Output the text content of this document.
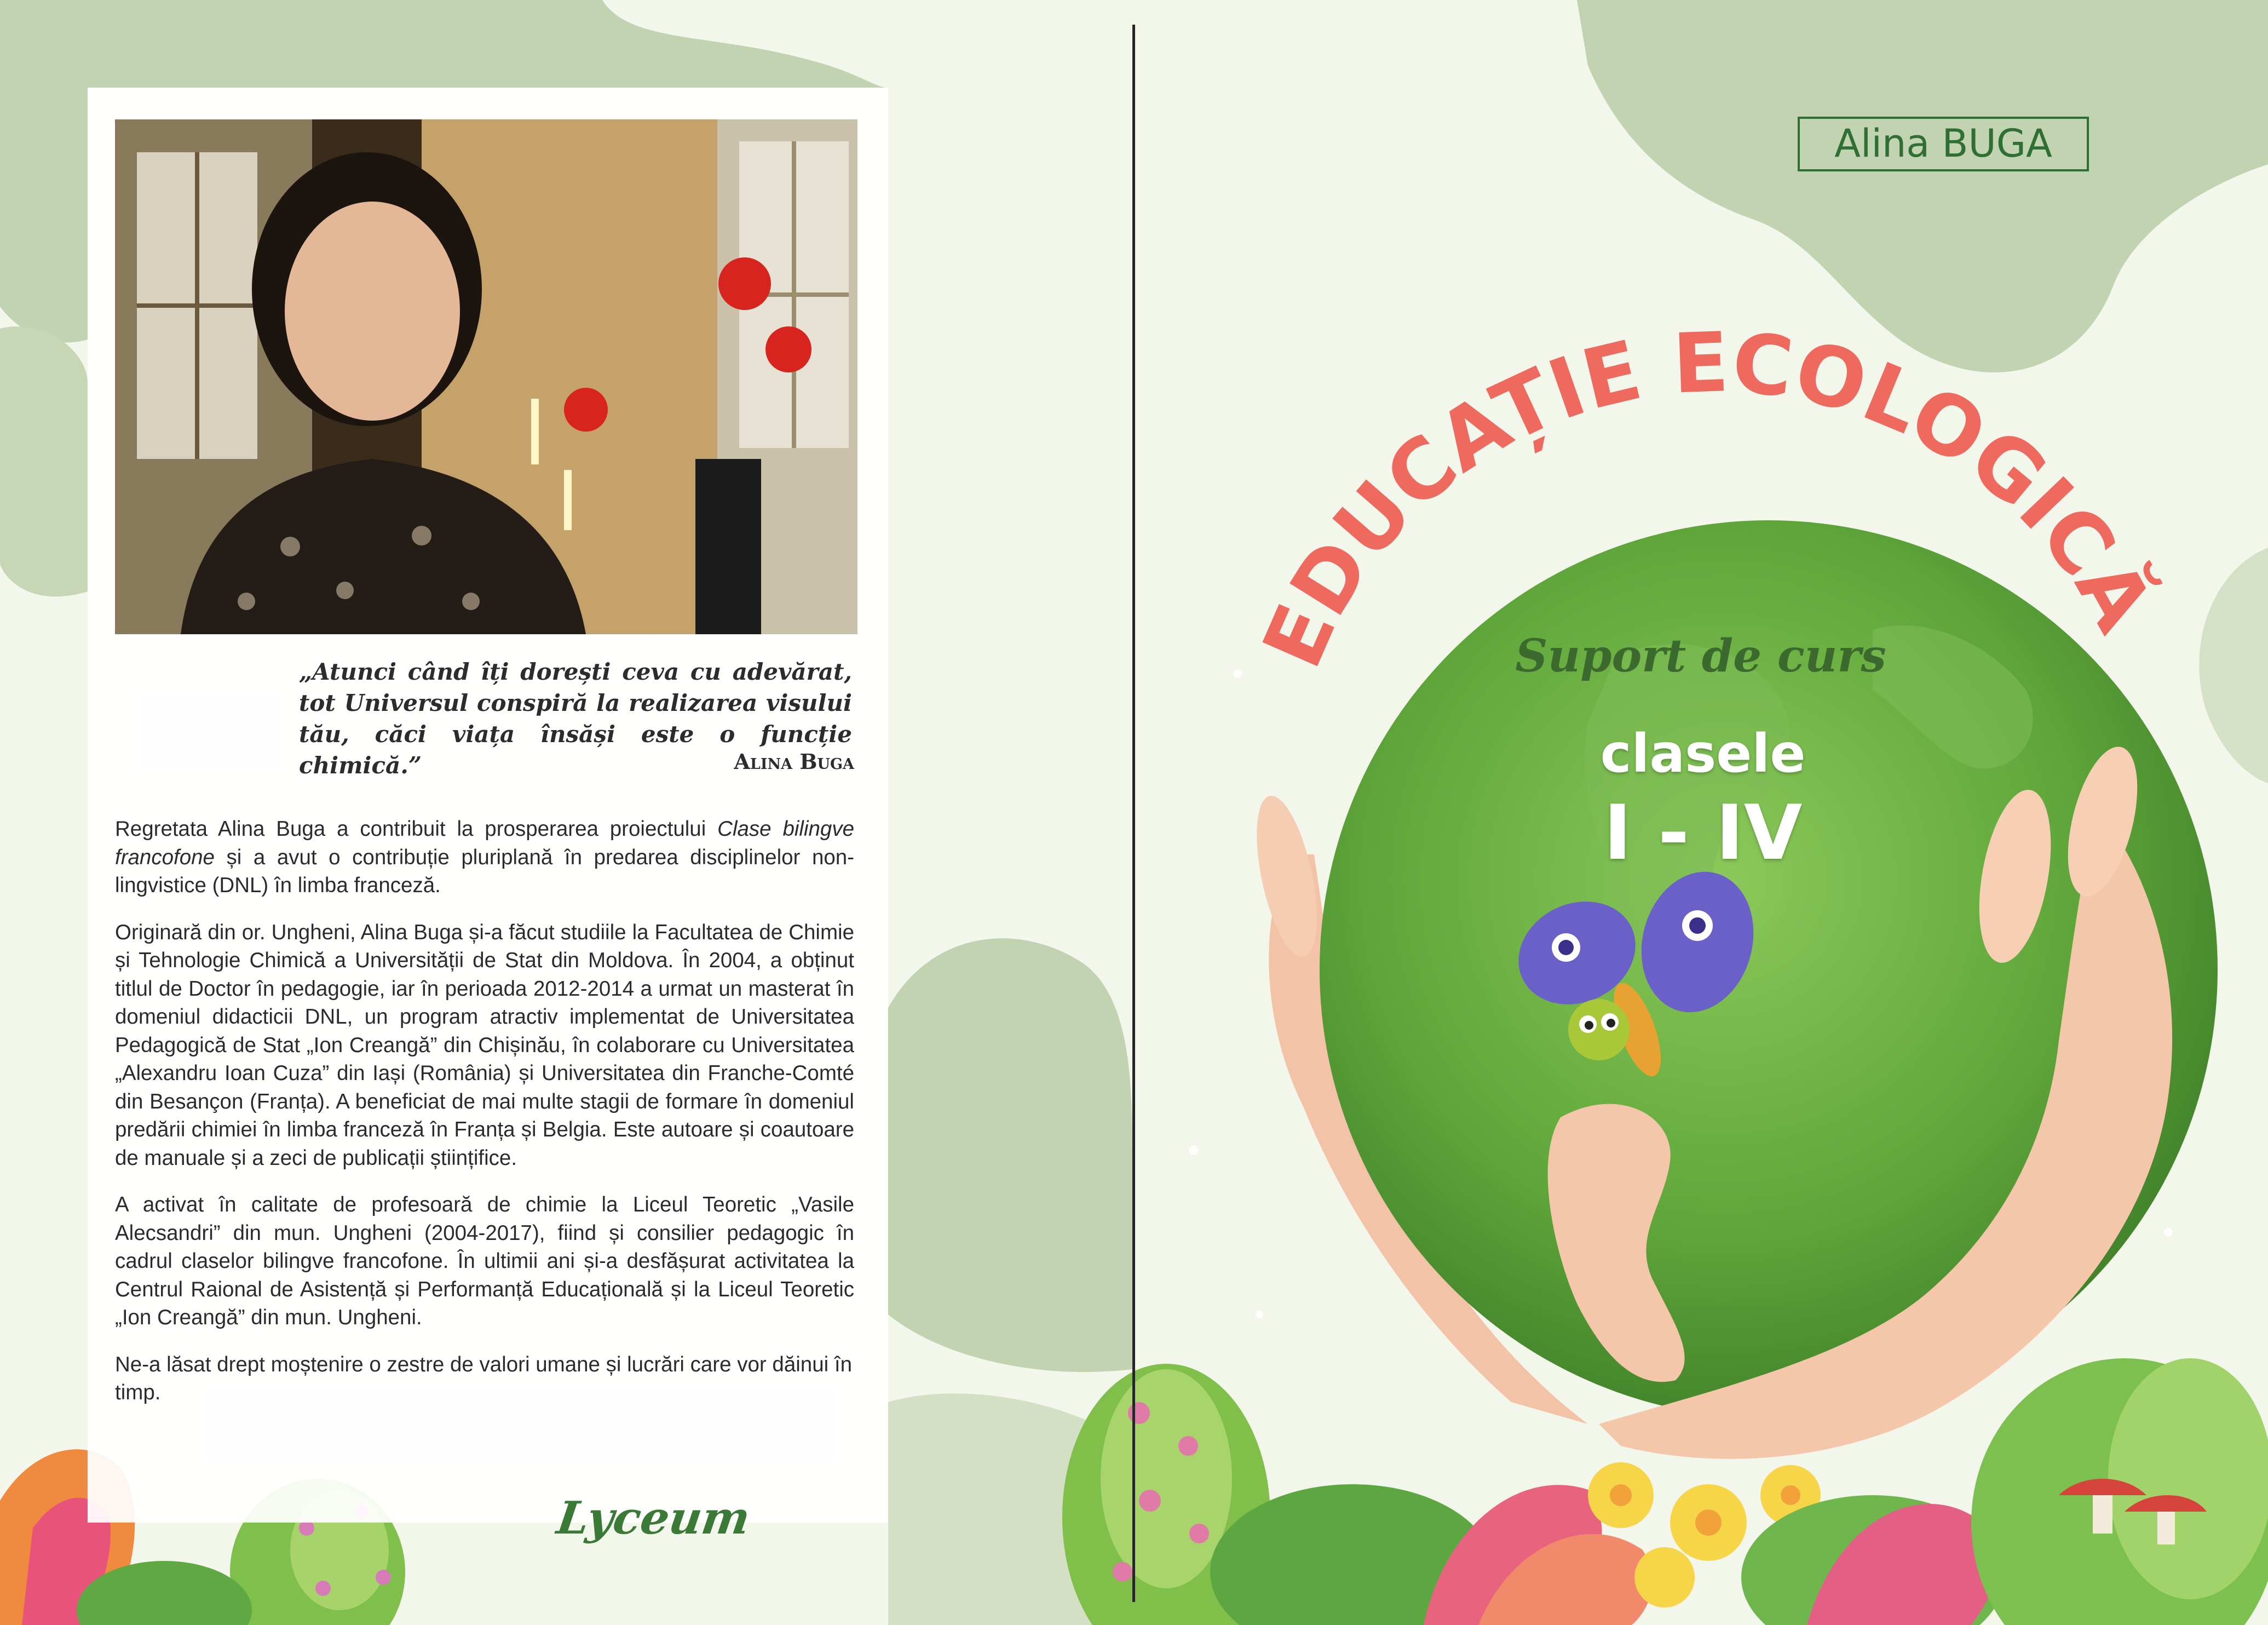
„Atunci când îți dorești ceva cu adevărat, tot Universul conspiră la realizarea visului tău, căci viața însăși este o funcție chimică.”	Alina Buga

Regretata Alina Buga a contribuit la prosperarea proiectului Clase bilingve francofone și a avut o contribuție pluriplană în predarea disciplinelor non-lingvistice (DNL) în limba franceză.

Originară din or. Ungheni, Alina Buga și-a făcut studiile la Facultatea de Chimie și Tehnologie Chimică a Universității de Stat din Moldova. În 2004, a obținut titlul de Doctor în pedagogie, iar în perioada 2012-2014 a urmat un masterat în domeniul didacticii DNL, un program atractiv implementat de Universitatea Pedagogică de Stat „Ion Creangă” din Chișinău, în colaborare cu Universitatea „Alexandru Ioan Cuza” din Iași (România) și Universitatea din Franche-Comté din Besançon (Franța). A beneficiat de mai multe stagii de formare în domeniul predării chimiei în limba franceză în Franța și Belgia. Este autoare și coautoare de manuale și a zeci de publicații științifice.

A activat în calitate de profesoară de chimie la Liceul Teoretic „Vasile Alecsandri” din mun. Ungheni (2004-2017), fiind și consilier pedagogic în cadrul claselor bilingve francofone. În ultimii ani și-a desfășurat activitatea la Centrul Raional de Asistență și Performanță Educațională și la Liceul Teoretic „Ion Creangă” din mun. Ungheni.

Ne-a lăsat drept moștenire o zestre de valori umane și lucrări care vor dăinui în timp.

Lyceum

Alina BUGA
EDUCAȚIE ECOLOGICĂ

Suport de curs

clasele

I - IV
